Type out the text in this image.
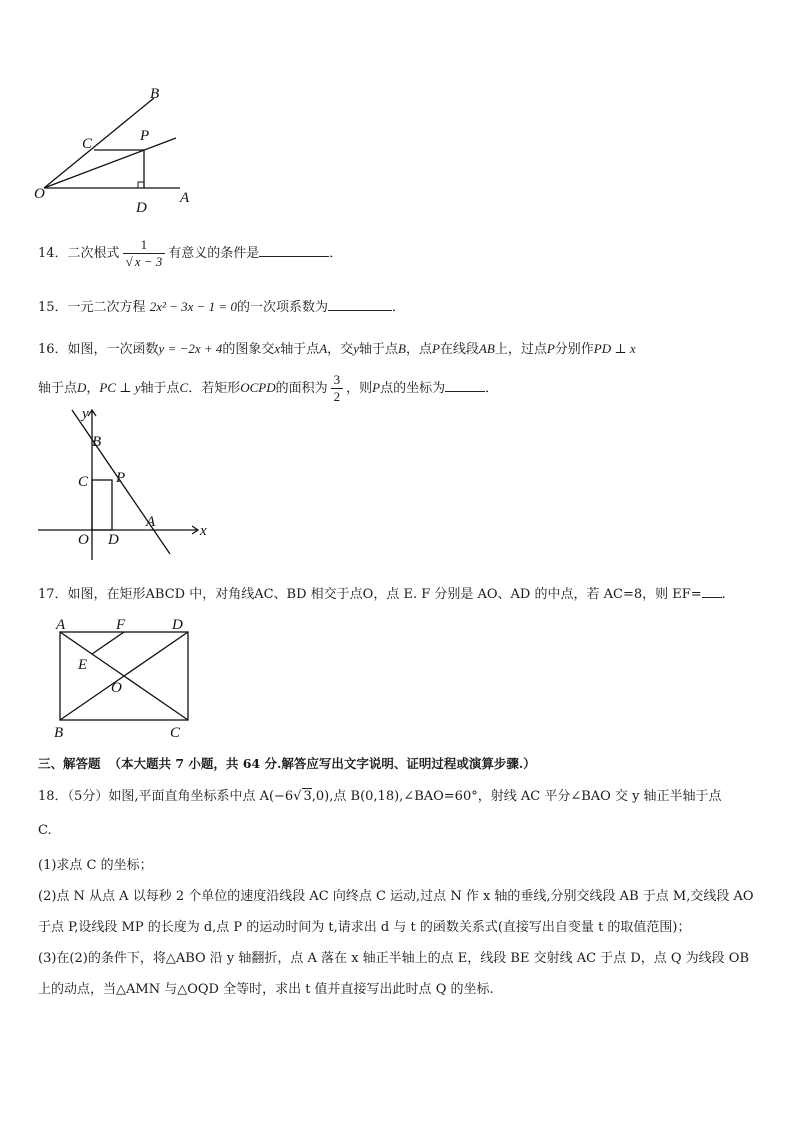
B
C	P
O
D
A
14．二次根式 $\frac{1}{√ x - 3}$ 有意义的条件是	．
15．一元二次方程 2x² − 3x − 1 = 0的一次项系数为	．
16．如图，一次函数y = −2x + 4的图象交x轴于点A，交y轴于点B，点P在线段AB上，过点P分别作PD ⊥ x
轴于点D，PC ⊥ y轴于点C．若矩形OCPD的面积为 $\frac{3}{2}$ ，则P点的坐标为	．
y
B
C P
A
O D
x
17．如图，在矩形ABCD 中，对角线AC、BD 相交于点O，点 E. F 分别是 AO、AD 的中点，若 AC=8，则 EF= .
A	F	D
E
O
B	C
三、解答题 （本大题共 7 小题，共 64 分.解答应写出文字说明、证明过程或演算步骤.）
18．（5分）如图,平面直角坐标系中点 A(−6√ 3,0),点 B(0,18),∠BAO=60°，射线 AC 平分∠BAO 交 y 轴正半轴于点
C.
(1)求点 C 的坐标；
(2)点 N 从点 A 以每秒 2 个单位的速度沿线段 AC 向终点 C 运动,过点 N 作 x 轴的垂线,分别交线段 AB 于点 M,交线段 AO
于点 P,设线段 MP 的长度为 d,点 P 的运动时间为 t,请求出 d 与 t 的函数关系式(直接写出自变量 t 的取值范围)；
(3)在(2)的条件下，将△ABO 沿 y 轴翻折，点 A 落在 x 轴正半轴上的点 E，线段 BE 交射线 AC 于点 D，点 Q 为线段 OB
上的动点，当△AMN 与△OQD 全等时，求出 t 值并直接写出此时点 Q 的坐标.
